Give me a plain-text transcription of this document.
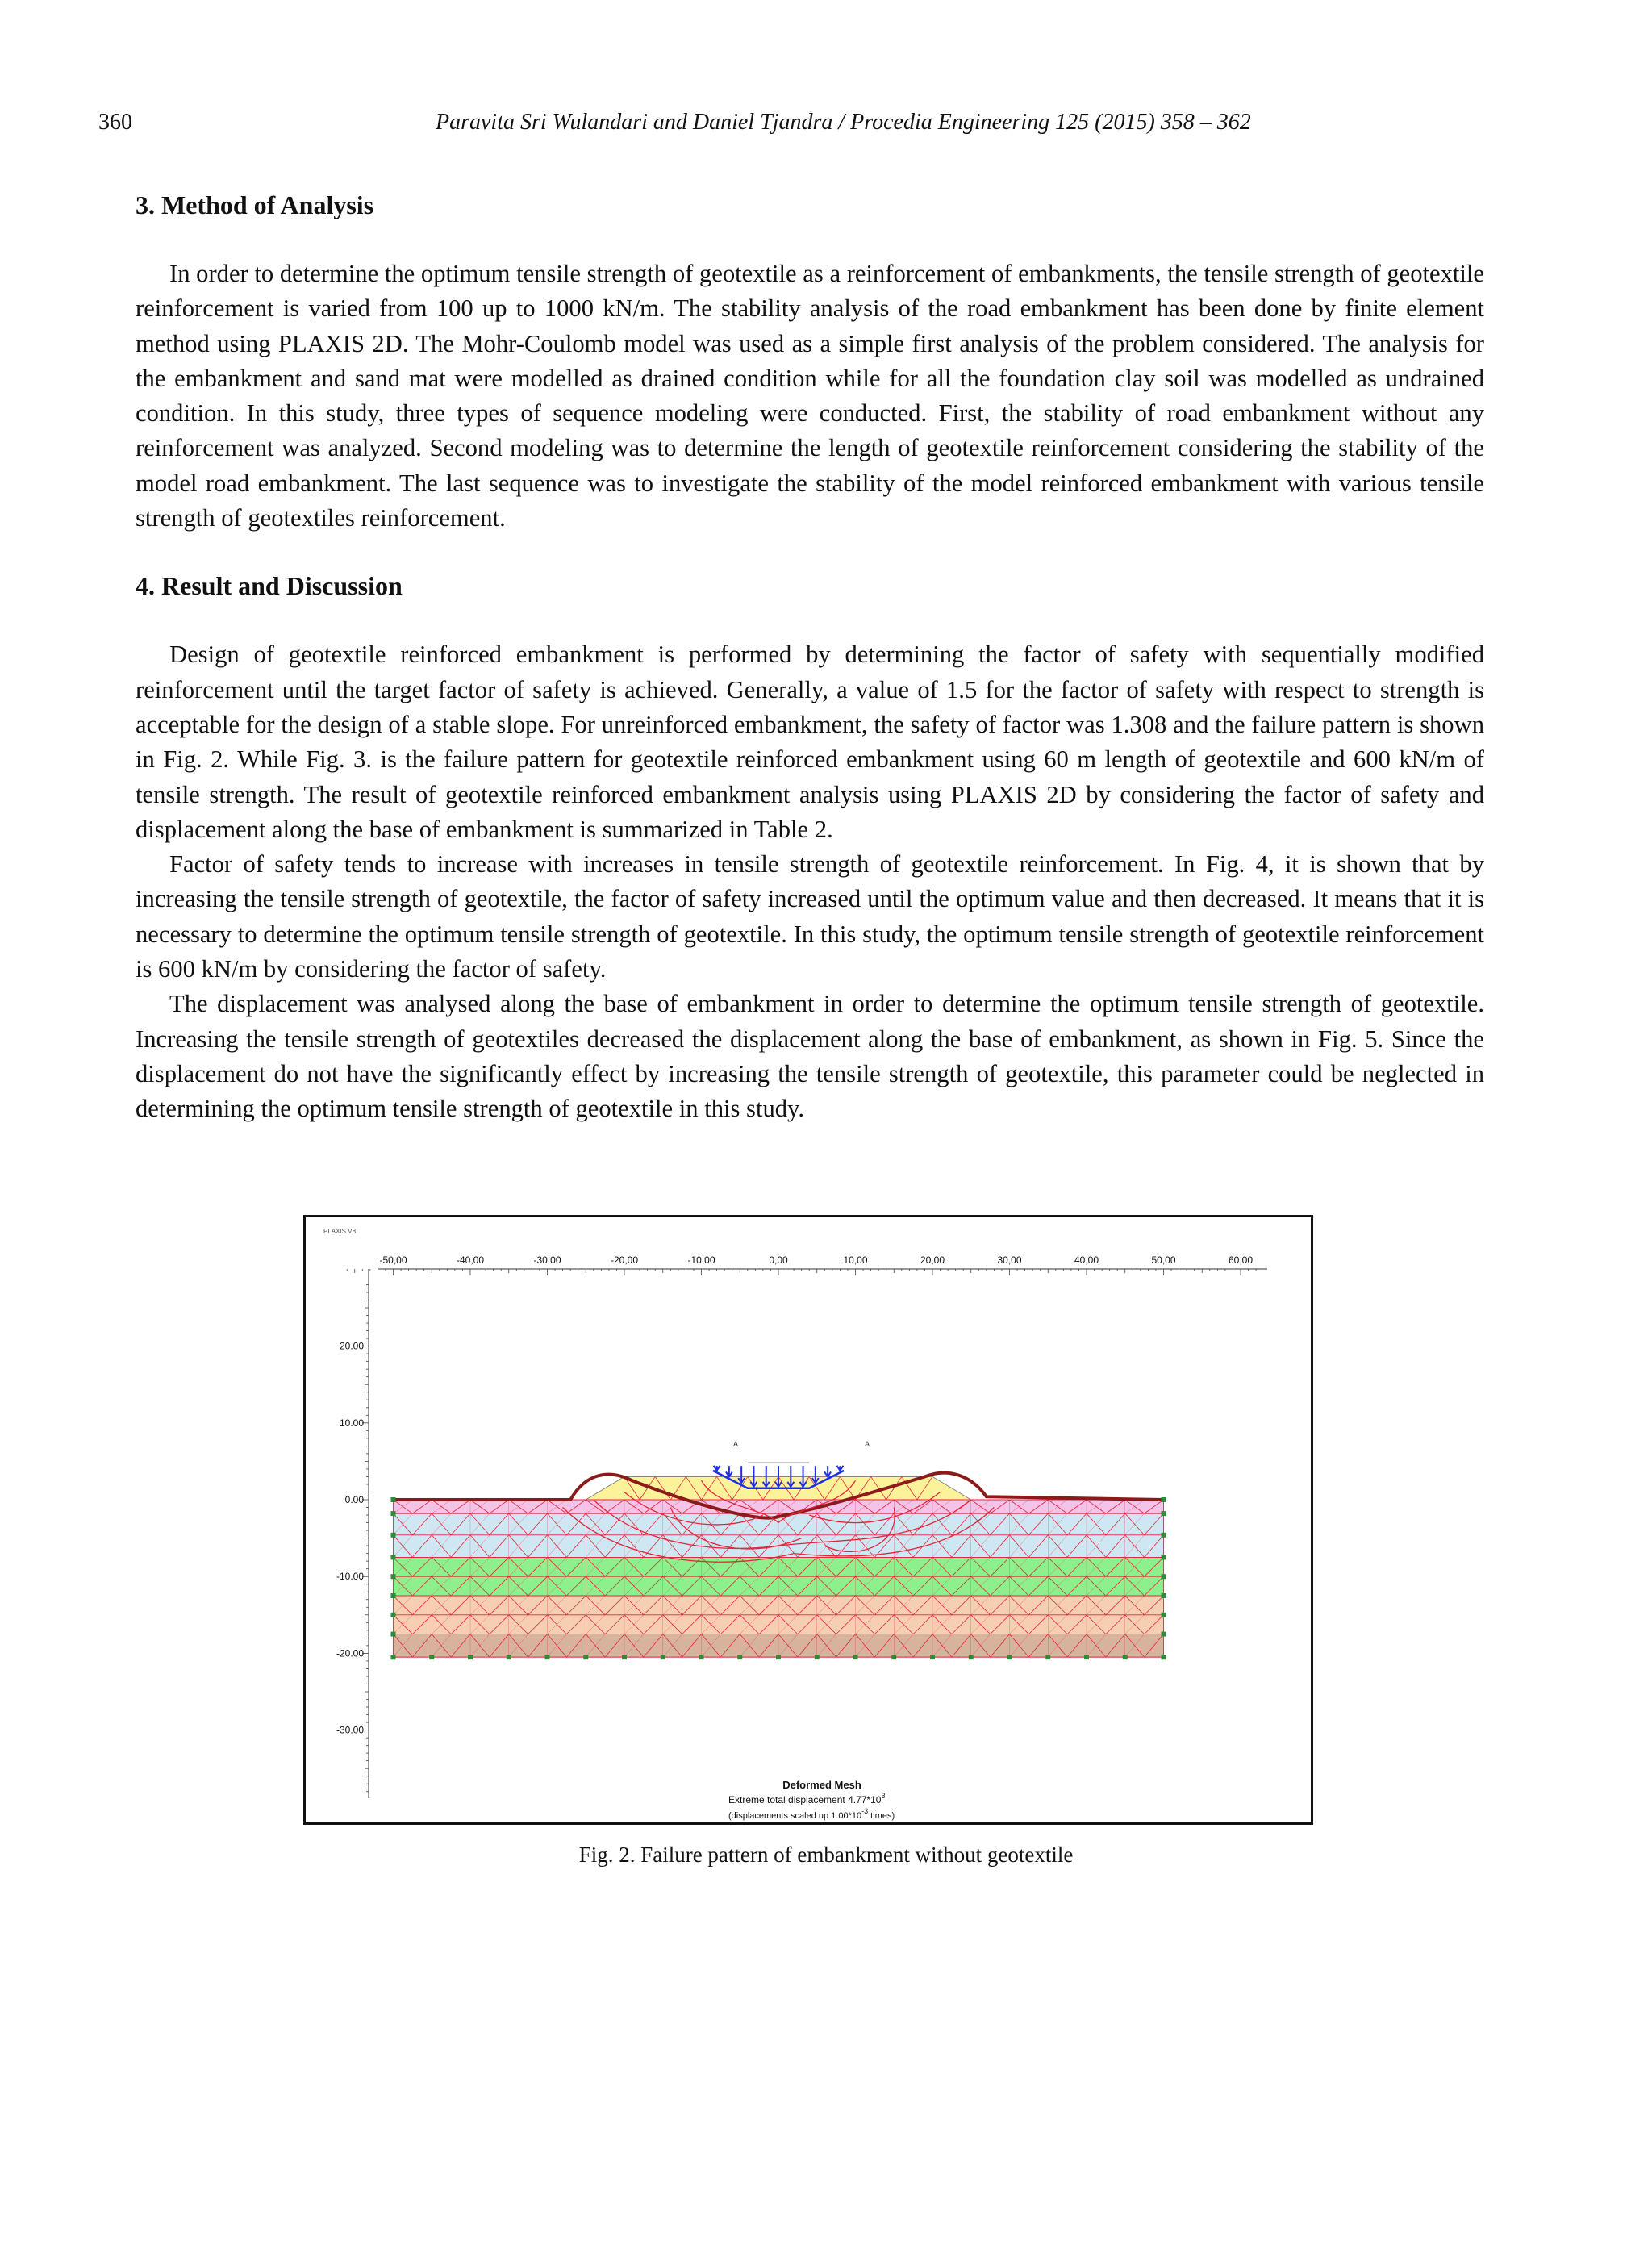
360	Paravita Sri Wulandari and Daniel Tjandra / Procedia Engineering 125 (2015) 358 – 362
3. Method of Analysis

In order to determine the optimum tensile strength of geotextile as a reinforcement of embankments, the tensile strength of geotextile reinforcement is varied from 100 up to 1000 kN/m. The stability analysis of the road embankment has been done by finite element method using PLAXIS 2D. The Mohr-Coulomb model was used as a simple first analysis of the problem considered. The analysis for the embankment and sand mat were modelled as drained condition while for all the foundation clay soil was modelled as undrained condition. In this study, three types of sequence modeling were conducted. First, the stability of road embankment without any reinforcement was analyzed. Second modeling was to determine the length of geotextile reinforcement considering the stability of the model road embankment. The last sequence was to investigate the stability of the model reinforced embankment with various tensile strength of geotextiles reinforcement.

4. Result and Discussion

Design of geotextile reinforced embankment is performed by determining the factor of safety with sequentially modified reinforcement until the target factor of safety is achieved. Generally, a value of 1.5 for the factor of safety with respect to strength is acceptable for the design of a stable slope. For unreinforced embankment, the safety of factor was 1.308 and the failure pattern is shown in Fig. 2. While Fig. 3. is the failure pattern for geotextile reinforced embankment using 60 m length of geotextile and 600 kN/m of tensile strength. The result of geotextile reinforced embankment analysis using PLAXIS 2D by considering the factor of safety and displacement along the base of embankment is summarized in Table 2.

Factor of safety tends to increase with increases in tensile strength of geotextile reinforcement. In Fig. 4, it is shown that by increasing the tensile strength of geotextile, the factor of safety increased until the optimum value and then decreased. It means that it is necessary to determine the optimum tensile strength of geotextile. In this study, the optimum tensile strength of geotextile reinforcement is 600 kN/m by considering the factor of safety.

The displacement was analysed along the base of embankment in order to determine the optimum tensile strength of geotextile. Increasing the tensile strength of geotextiles decreased the displacement along the base of embankment, as shown in Fig. 5. Since the displacement do not have the significantly effect by increasing the tensile strength of geotextile, this parameter could be neglected in determining the optimum tensile strength of geotextile in this study.

PLAXIS V8
-50,00	-40,00	-30,00	-20,00	-10,00	0,00	10,00	20,00	30,00	40,00	50,00	60,00
20.00
10.00
0.00
-10.00
-20.00
-30.00
A	A
Deformed Mesh
Extreme total displacement $4.77*10^3$
(displacements scaled up $1.00*10^{-3}$ times)
Fig. 2. Failure pattern of embankment without geotextile
